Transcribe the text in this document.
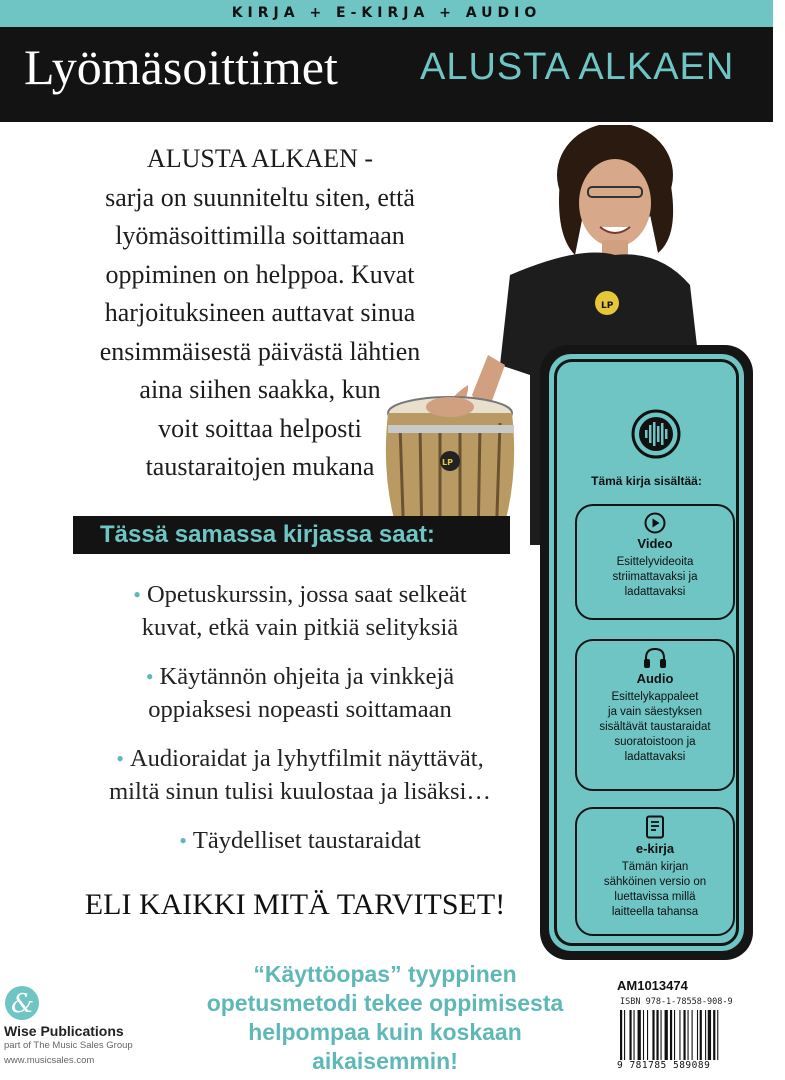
KIRJA + E-KIRJA + AUDIO
Lyömäsoittimet ALUSTA ALKAEN
ALUSTA ALKAEN -
sarja on suunniteltu siten, että
lyömäsoittimilla soittamaan
oppiminen on helppoa. Kuvat
harjoituksineen auttavat sinua
ensimmäisestä päivästä lähtien
aina siihen saakka, kun
voit soittaa helposti
taustaraitojen mukana
LP
LP
Tässä samassa kirjassa saat:
• Opetuskurssin, jossa saat selkeät
kuvat, etkä vain pitkiä selityksiä
• Käytännön ohjeita ja vinkkejä
oppiaksesi nopeasti soittamaan
• Audioraidat ja lyhytfilmit näyttävät,
miltä sinun tulisi kuulostaa ja lisäksi…
• Täydelliset taustaraidat
ELI KAIKKI MITÄ TARVITSET!
Tämä kirja sisältää:
Video
Esittelyvideoita
striimattavaksi ja
ladattavaksi
Audio
Esittelykappaleet
ja vain säestyksen
sisältävät taustaraidat
suoratoistoon ja
ladattavaksi
e-kirja
Tämän kirjan
sähköinen versio on
luettavissa millä
laitteella tahansa
“Käyttöopas” tyyppinen
opetusmetodi tekee oppimisesta
helpompaa kuin koskaan
aikaisemmin!
&
Wise Publications
part of The Music Sales Group
www.musicsales.com
AM1013474
ISBN 978-1-78558-908-9
9 781785 589089
